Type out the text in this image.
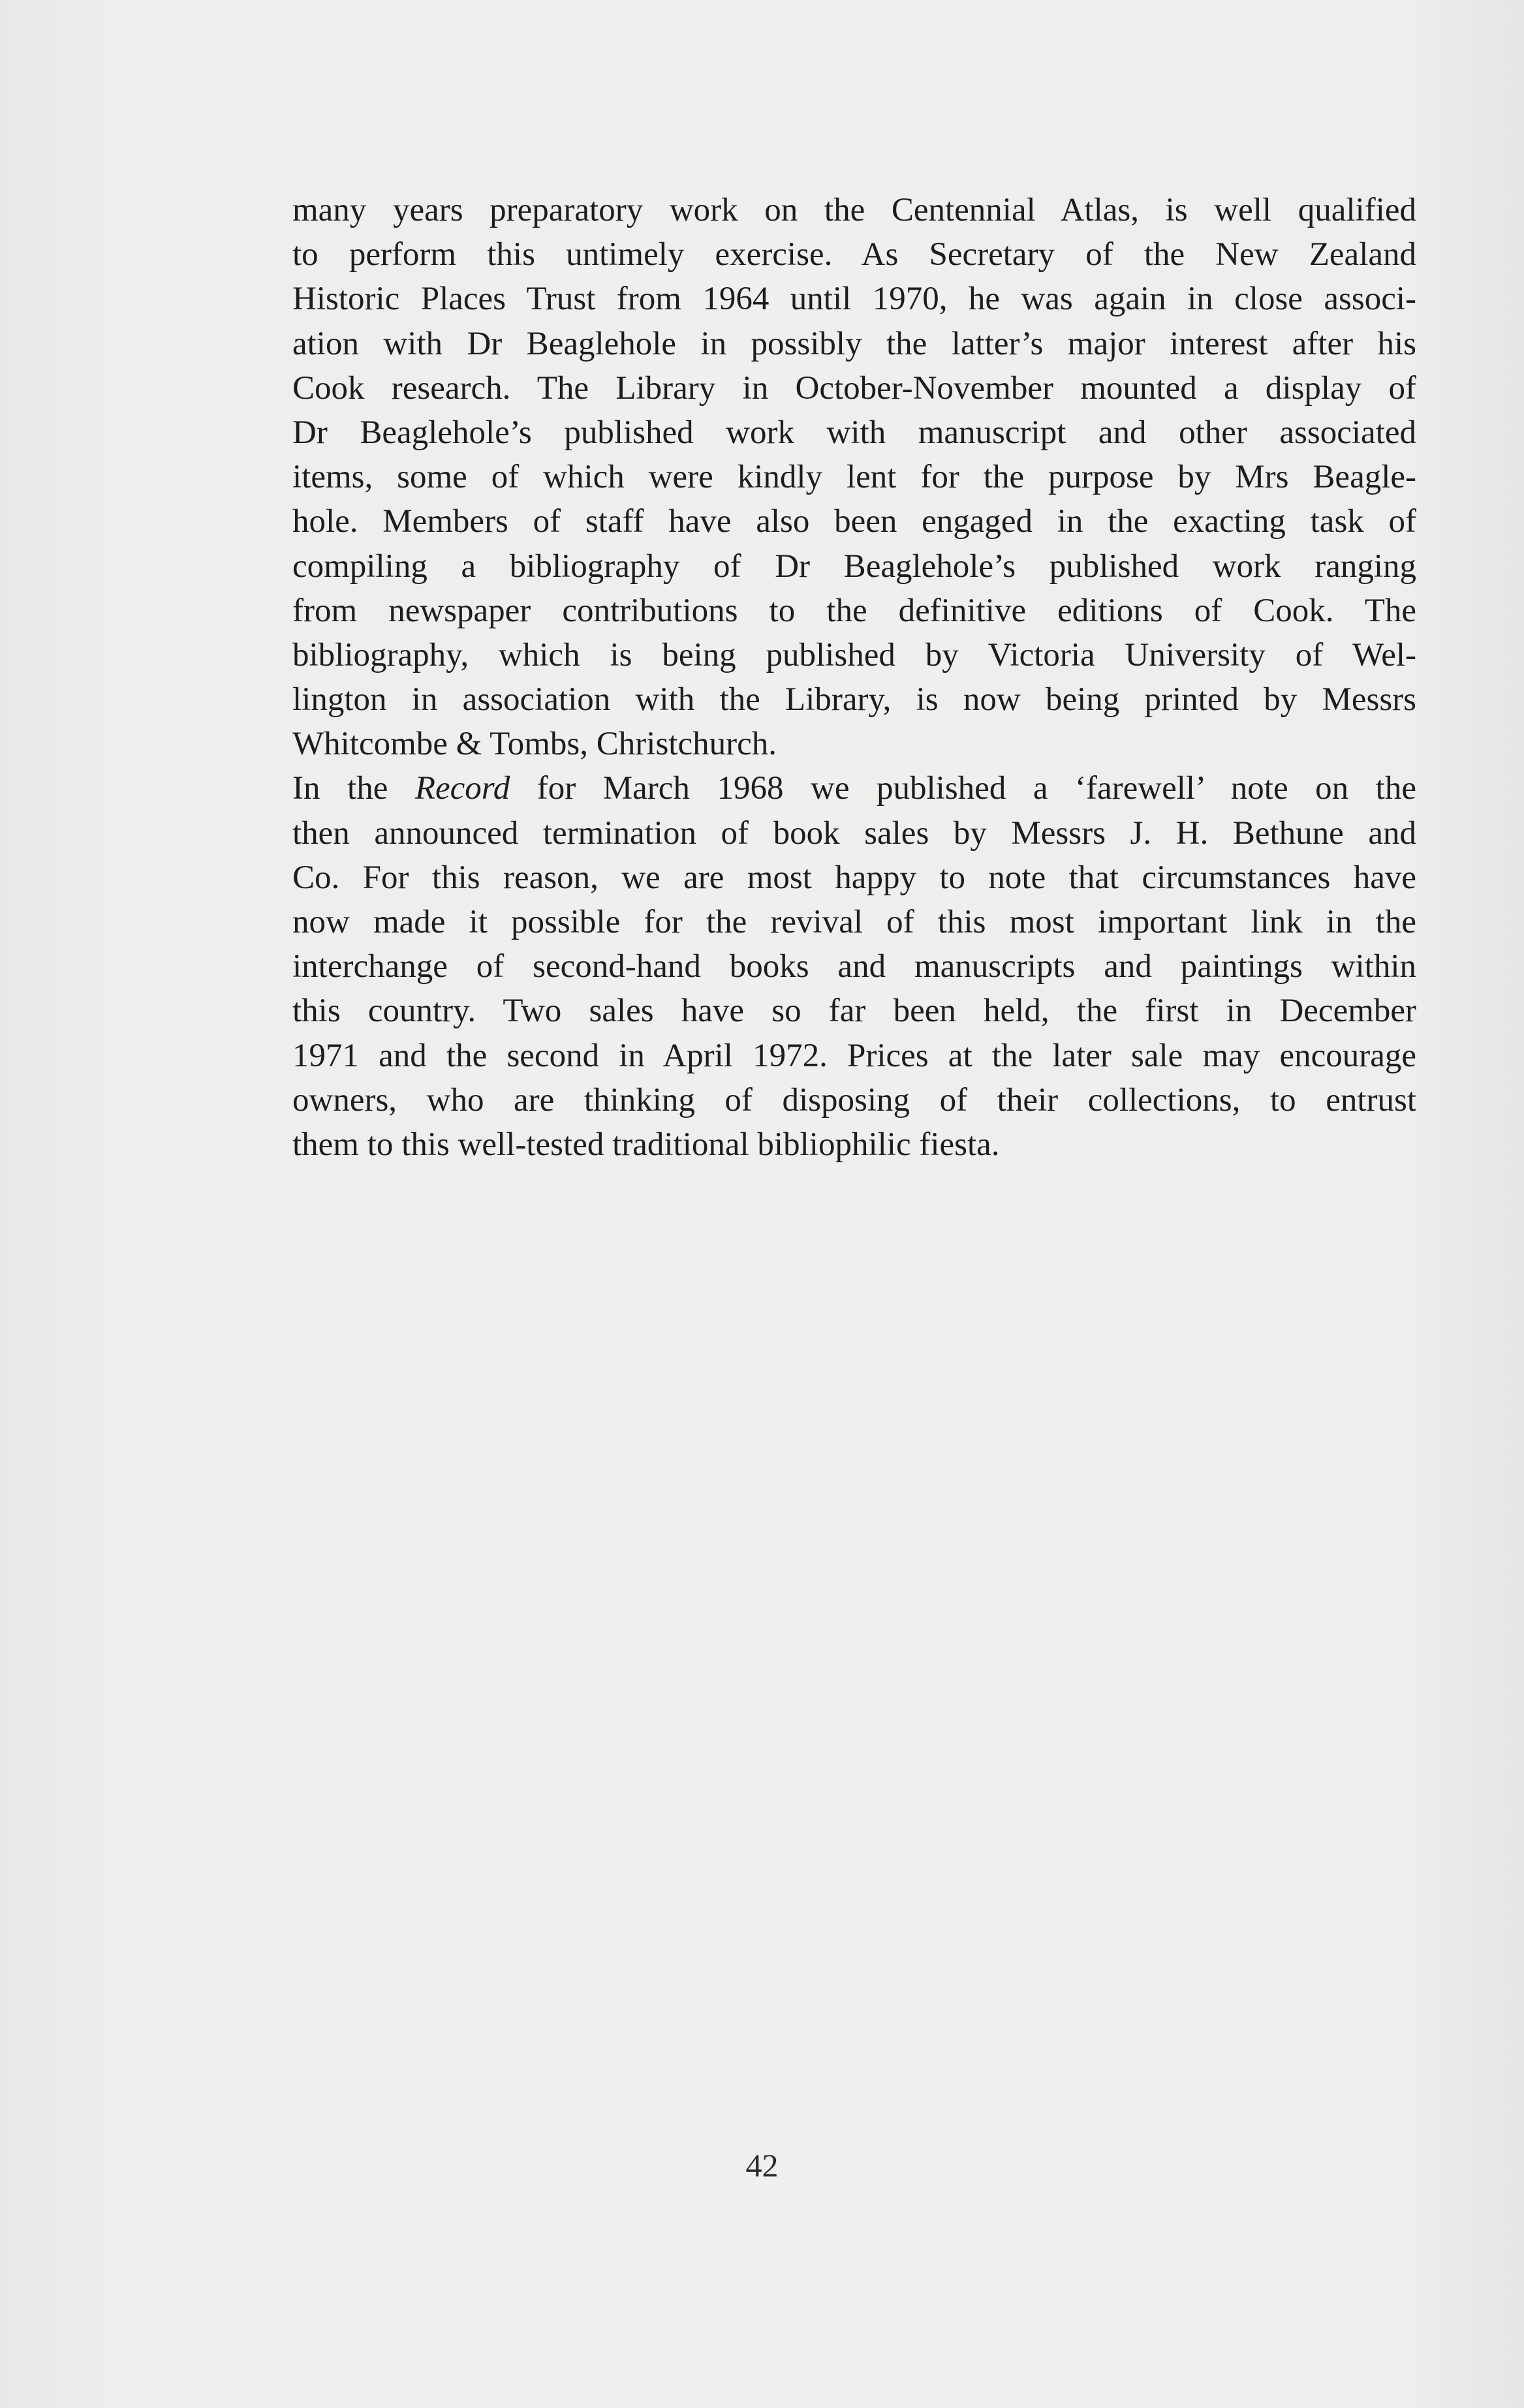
many years preparatory work on the Centennial Atlas, is well qualified
to perform this untimely exercise. As Secretary of the New Zealand
Historic Places Trust from 1964 until 1970, he was again in close associ-
ation with Dr Beaglehole in possibly the latter’s major interest after his
Cook research. The Library in October-November mounted a display of
Dr Beaglehole’s published work with manuscript and other associated
items, some of which were kindly lent for the purpose by Mrs Beagle-
hole. Members of staff have also been engaged in the exacting task of
compiling a bibliography of Dr Beaglehole’s published work ranging
from newspaper contributions to the definitive editions of Cook. The
bibliography, which is being published by Victoria University of Wel-
lington in association with the Library, is now being printed by Messrs
Whitcombe & Tombs, Christchurch.
In the Record for March 1968 we published a ‘farewell’ note on the
then announced termination of book sales by Messrs J. H. Bethune and
Co. For this reason, we are most happy to note that circumstances have
now made it possible for the revival of this most important link in the
interchange of second-hand books and manuscripts and paintings within
this country. Two sales have so far been held, the first in December
1971 and the second in April 1972. Prices at the later sale may encourage
owners, who are thinking of disposing of their collections, to entrust
them to this well-tested traditional bibliophilic fiesta.
42
